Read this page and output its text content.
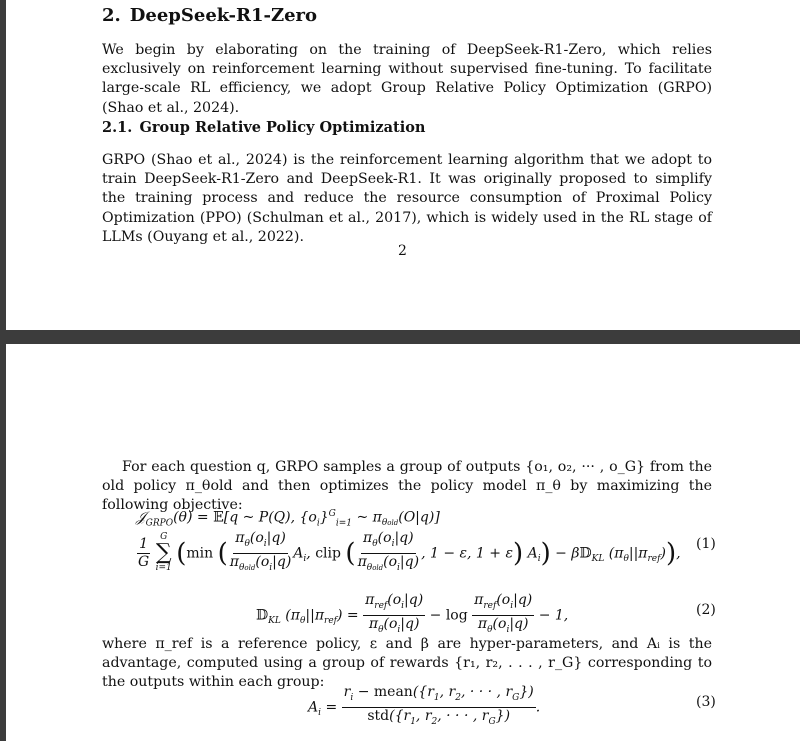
2. DeepSeek-R1-Zero

We begin by elaborating on the training of DeepSeek-R1-Zero, which relies exclusively on reinforcement learning without supervised fine-tuning. To facilitate large-scale RL efficiency, we adopt Group Relative Policy Optimization (GRPO) (Shao et al., 2024).

2.1. Group Relative Policy Optimization

GRPO (Shao et al., 2024) is the reinforcement learning algorithm that we adopt to train DeepSeek-R1-Zero and DeepSeek-R1. It was originally proposed to simplify the training process and reduce the resource consumption of Proximal Policy Optimization (PPO) (Schulman et al., 2017), which is widely used in the RL stage of LLMs (Ouyang et al., 2022).

2

For each question q, GRPO samples a group of outputs {o₁, o₂, ··· , o_G} from the old policy π_θold and then optimizes the policy model π_θ by maximizing the following objective:

𝒥$_{GRPO}$(θ) = 𝔼[q ~ P(Q), $\{o_i\}^G_{i=1}$ ~ $\pi_{\theta old}(O|q)$]
$\frac{1}{G}$
G
∑
i=1 (min ( $\frac{\pi_\theta(o_i|q)}{\pi_{\theta old}(o_i|q)} A_i$, clip ( $\frac{\pi_\theta(o_i|q)}{\pi_{\theta old}(o_i|q)}$ , 1 − ε, 1 + ε) $A_i$) − β𝔻$_{KL}$ $(\pi_\theta||\pi_{ref})$),
(1)
𝔻$_{KL}$ $(\pi_\theta||\pi_{ref}) = \frac{\pi_{ref}(o_i|q)}{\pi_\theta(o_i|q)} - \log \frac{\pi_{ref}(o_i|q)}{\pi_\theta(o_i|q)} - 1$,	(2)

where π_ref is a reference policy, ε and β are hyper-parameters, and Aᵢ is the advantage, computed using a group of rewards {r₁, r₂, . . . , r_G} corresponding to the outputs within each group:

$A_i = \frac{r_i - mean(\{r_1, r_2, \cdot \cdot \cdot , r_G\})}{std(\{r_1, r_2, \cdot \cdot \cdot , r_G\})}$ .	(3)
